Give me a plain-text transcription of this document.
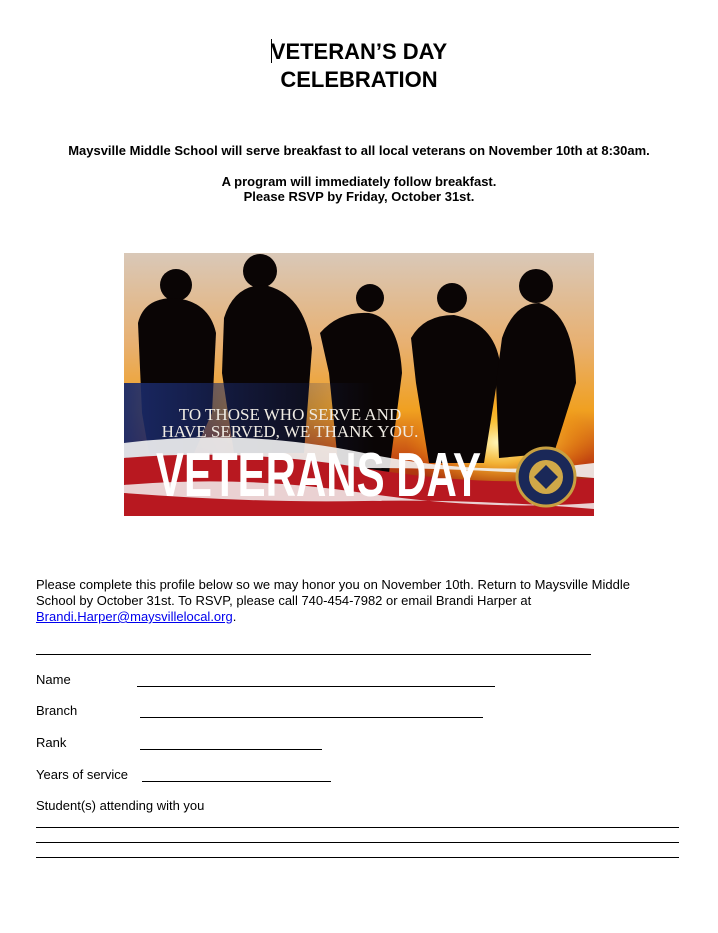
VETERAN’S DAY
CELEBRATION
Maysville Middle School will serve breakfast to all local veterans on November 10th at 8:30am.
A program will immediately follow breakfast.
Please RSVP by Friday, October 31st.
TO THOSE WHO SERVE AND
HAVE SERVED, WE THANK YOU.
VETERANS DAY
Please complete this profile below so we may honor you on November 10th. Return to Maysville Middle
School by October 31st. To RSVP, please call 740-454-7982 or email Brandi Harper at
Brandi.Harper@maysvillelocal.org.
Name
Branch
Rank
Years of service
Student(s) attending with you
